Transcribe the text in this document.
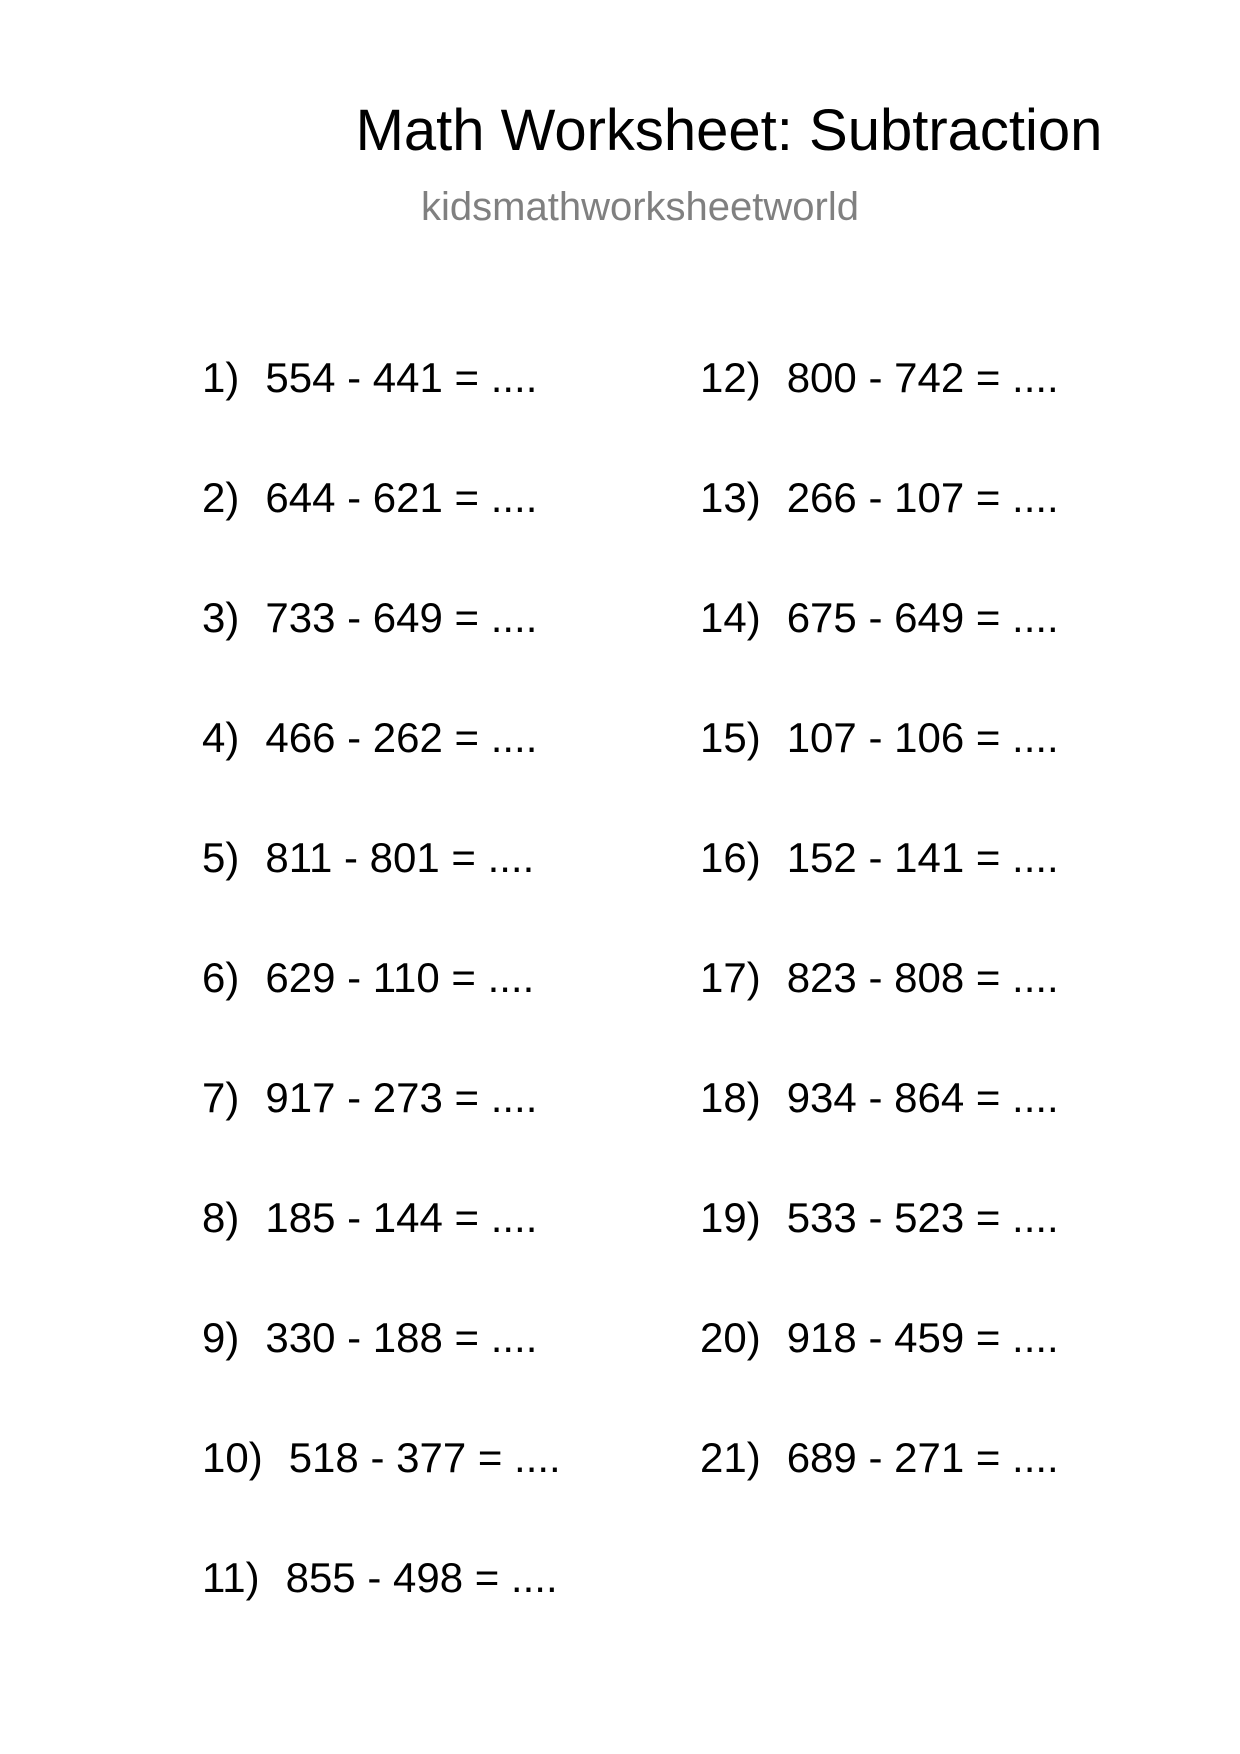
Math Worksheet: Subtraction
kidsmathworksheetworld
1) 554 - 441 = ....
2) 644 - 621 = ....
3) 733 - 649 = ....
4) 466 - 262 = ....
5) 811 - 801 = ....
6) 629 - 110 = ....
7) 917 - 273 = ....
8) 185 - 144 = ....
9) 330 - 188 = ....
10) 518 - 377 = ....
11) 855 - 498 = ....
12) 800 - 742 = ....
13) 266 - 107 = ....
14) 675 - 649 = ....
15) 107 - 106 = ....
16) 152 - 141 = ....
17) 823 - 808 = ....
18) 934 - 864 = ....
19) 533 - 523 = ....
20) 918 - 459 = ....
21) 689 - 271 = ....
